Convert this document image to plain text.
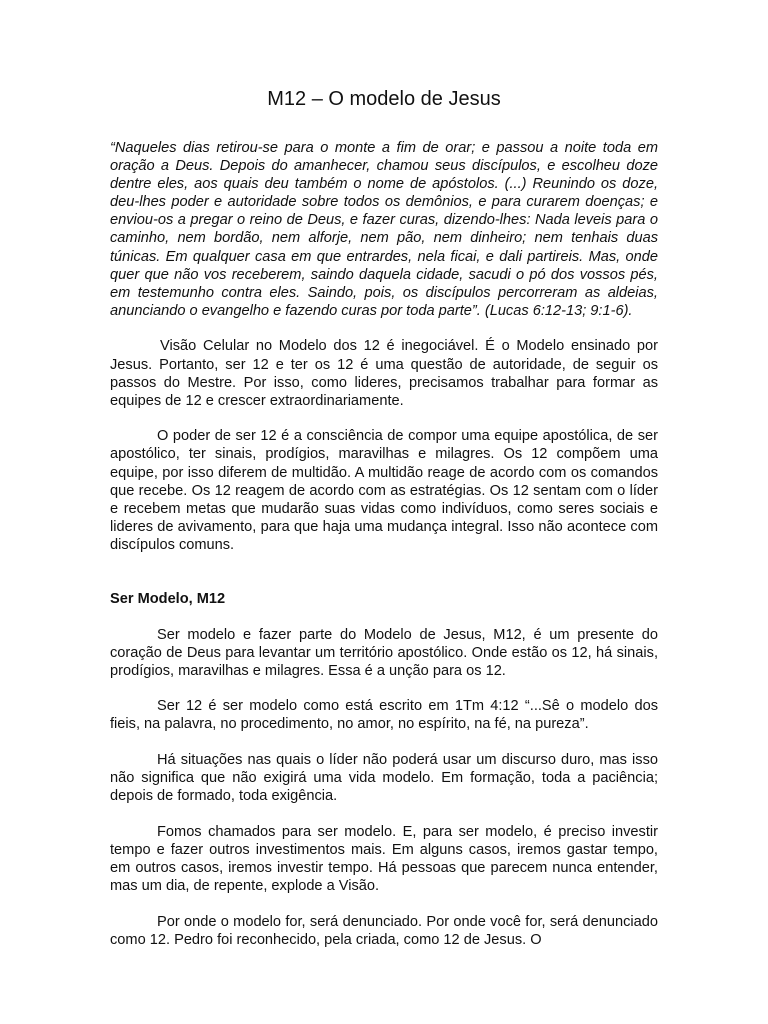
M12 – O modelo de Jesus

“Naqueles dias retirou-se para o monte a fim de orar; e passou a noite toda em oração a Deus. Depois do amanhecer, chamou seus discípulos, e escolheu doze dentre eles, aos quais deu também o nome de apóstolos. (...) Reunindo os doze, deu-lhes poder e autoridade sobre todos os demônios, e para curarem doenças; e enviou-os a pregar o reino de Deus, e fazer curas, dizendo-lhes: Nada leveis para o caminho, nem bordão, nem alforje, nem pão, nem dinheiro; nem tenhais duas túnicas. Em qualquer casa em que entrardes, nela ficai, e dali partireis. Mas, onde quer que não vos receberem, saindo daquela cidade, sacudi o pó dos vossos pés, em testemunho contra eles. Saindo, pois, os discípulos percorreram as aldeias, anunciando o evangelho e fazendo curas por toda parte”. (Lucas 6:12-13; 9:1-6).

Visão Celular no Modelo dos 12 é inegociável. É o Modelo ensinado por Jesus. Portanto, ser 12 e ter os 12 é uma questão de autoridade, de seguir os passos do Mestre. Por isso, como lideres, precisamos trabalhar para formar as equipes de 12 e crescer extraordinariamente.

O poder de ser 12 é a consciência de compor uma equipe apostólica, de ser apostólico, ter sinais, prodígios, maravilhas e milagres. Os 12 compõem uma equipe, por isso diferem de multidão. A multidão reage de acordo com os comandos que recebe. Os 12 reagem de acordo com as estratégias. Os 12 sentam com o líder e recebem metas que mudarão suas vidas como indivíduos, como seres sociais e lideres de avivamento, para que haja uma mudança integral. Isso não acontece com discípulos comuns.

Ser Modelo, M12

Ser modelo e fazer parte do Modelo de Jesus, M12, é um presente do coração de Deus para levantar um território apostólico. Onde estão os 12, há sinais, prodígios, maravilhas e milagres. Essa é a unção para os 12.

Ser 12 é ser modelo como está escrito em 1Tm 4:12 “...Sê o modelo dos fieis, na palavra, no procedimento, no amor, no espírito, na fé, na pureza”.

Há situações nas quais o líder não poderá usar um discurso duro, mas isso não significa que não exigirá uma vida modelo. Em formação, toda a paciência; depois de formado, toda exigência.

Fomos chamados para ser modelo. E, para ser modelo, é preciso investir tempo e fazer outros investimentos mais. Em alguns casos, iremos gastar tempo, em outros casos, iremos investir tempo. Há pessoas que parecem nunca entender, mas um dia, de repente, explode a Visão.

Por onde o modelo for, será denunciado. Por onde você for, será denunciado como 12. Pedro foi reconhecido, pela criada, como 12 de Jesus. O
